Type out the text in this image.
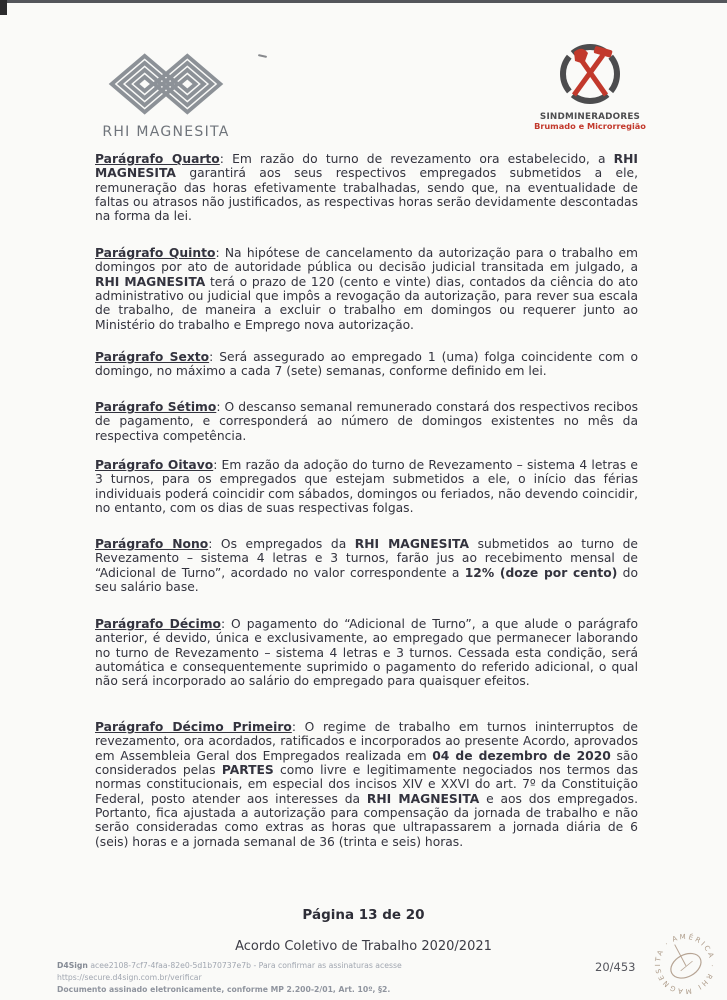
RHI MAGNESITA
SINDMINERADORES
Brumado e Microrregião

Parágrafo Quarto: Em razão do turno de revezamento ora estabelecido, a RHI MAGNESITA garantirá aos seus respectivos empregados submetidos a ele, remuneração das horas efetivamente trabalhadas, sendo que, na eventualidade de faltas ou atrasos não justificados, as respectivas horas serão devidamente descontadas na forma da lei.

Parágrafo Quinto: Na hipótese de cancelamento da autorização para o trabalho em domingos por ato de autoridade pública ou decisão judicial transitada em julgado, a RHI MAGNESITA terá o prazo de 120 (cento e vinte) dias, contados da ciência do ato administrativo ou judicial que impôs a revogação da autorização, para rever sua escala de trabalho, de maneira a excluir o trabalho em domingos ou requerer junto ao Ministério do trabalho e Emprego nova autorização.

Parágrafo Sexto: Será assegurado ao empregado 1 (uma) folga coincidente com o domingo, no máximo a cada 7 (sete) semanas, conforme definido em lei.

Parágrafo Sétimo: O descanso semanal remunerado constará dos respectivos recibos de pagamento, e corresponderá ao número de domingos existentes no mês da respectiva competência.

Parágrafo Oitavo: Em razão da adoção do turno de Revezamento – sistema 4 letras e 3 turnos, para os empregados que estejam submetidos a ele, o início das férias individuais poderá coincidir com sábados, domingos ou feriados, não devendo coincidir, no entanto, com os dias de suas respectivas folgas.

Parágrafo Nono: Os empregados da RHI MAGNESITA submetidos ao turno de Revezamento – sistema 4 letras e 3 turnos, farão jus ao recebimento mensal de “Adicional de Turno”, acordado no valor correspondente a 12% (doze por cento) do seu salário base.

Parágrafo Décimo: O pagamento do “Adicional de Turno”, a que alude o parágrafo anterior, é devido, única e exclusivamente, ao empregado que permanecer laborando no turno de Revezamento – sistema 4 letras e 3 turnos. Cessada esta condição, será automática e consequentemente suprimido o pagamento do referido adicional, o qual não será incorporado ao salário do empregado para quaisquer efeitos.

Parágrafo Décimo Primeiro: O regime de trabalho em turnos ininterruptos de revezamento, ora acordados, ratificados e incorporados ao presente Acordo, aprovados em Assembleia Geral dos Empregados realizada em 04 de dezembro de 2020 são considerados pelas PARTES como livre e legitimamente negociados nos termos das normas constitucionais, em especial dos incisos XIV e XXVI do art. 7º da Constituição Federal, posto atender aos interesses da RHI MAGNESITA e aos dos empregados. Portanto, fica ajustada a autorização para compensação da jornada de trabalho e não serão consideradas como extras as horas que ultrapassarem a jornada diária de 6 (seis) horas e a jornada semanal de 36 (trinta e seis) horas.

Página 13 de 20
Acordo Coletivo de Trabalho 2020/2021
D4Sign acee2108-7cf7-4faa-82e0-5d1b70737e7b - Para confirmar as assinaturas acesse https://secure.d4sign.com.br/verificar
Documento assinado eletronicamente, conforme MP 2.200-2/01, Art. 10º, §2.
20/453
AMÉRICA · RHI MAGNESITA ·
